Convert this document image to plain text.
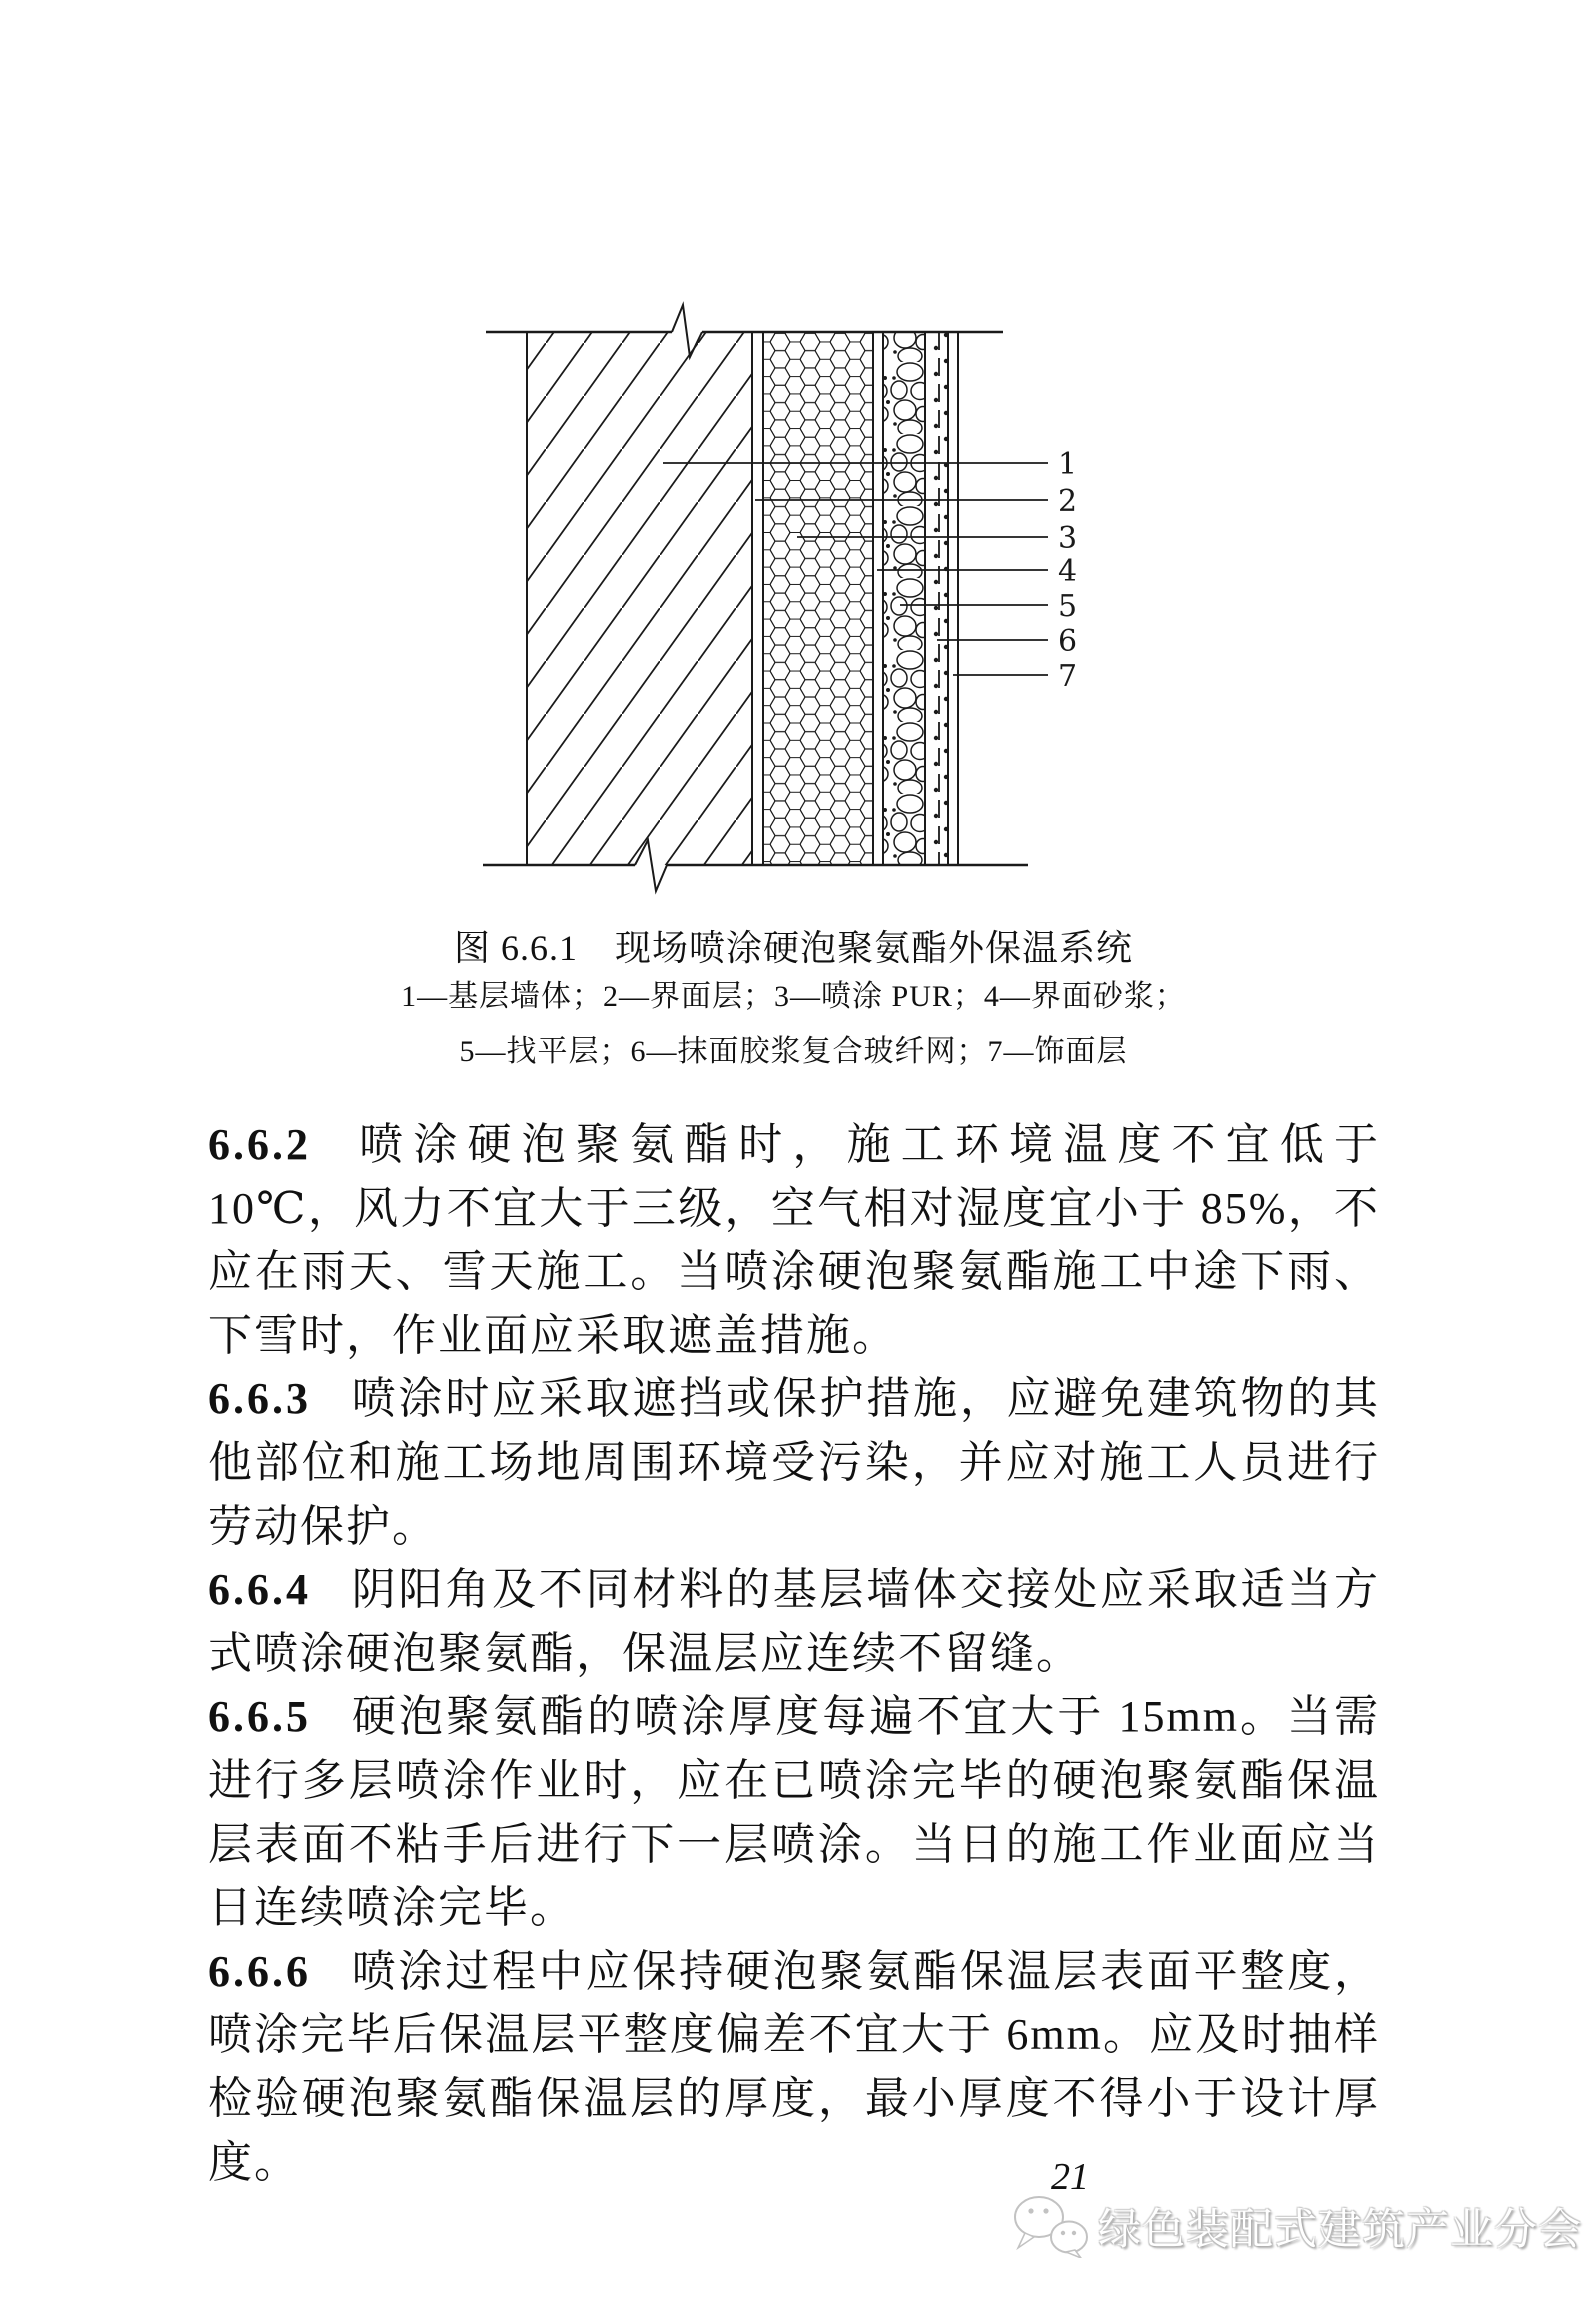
1
2
3
4
5
6
7
图 6.6.1　现场喷涂硬泡聚氨酯外保温系统
1—基层墙体；2—界面层；3—喷涂 PUR；4—界面砂浆；
5—找平层；6—抹面胶浆复合玻纤网；7—饰面层

6.6.2 喷涂硬泡聚氨酯时，施工环境温度不宜低于 10℃，风力不宜大于三级，空气相对湿度宜小于 85%，不应在雨天、雪天施工。当喷涂硬泡聚氨酯施工中途下雨、下雪时，作业面应采取遮盖措施。

6.6.3 喷涂时应采取遮挡或保护措施，应避免建筑物的其他部位和施工场地周围环境受污染，并应对施工人员进行劳动保护。

6.6.4 阴阳角及不同材料的基层墙体交接处应采取适当方式喷涂硬泡聚氨酯，保温层应连续不留缝。

6.6.5 硬泡聚氨酯的喷涂厚度每遍不宜大于 15mm。当需进行多层喷涂作业时，应在已喷涂完毕的硬泡聚氨酯保温层表面不粘手后进行下一层喷涂。当日的施工作业面应当日连续喷涂完毕。

6.6.6 喷涂过程中应保持硬泡聚氨酯保温层表面平整度，喷涂完毕后保温层平整度偏差不宜大于 6mm。应及时抽样检验硬泡聚氨酯保温层的厚度，最小厚度不得小于设计厚度。	21
绿色装配式建筑产业分会
